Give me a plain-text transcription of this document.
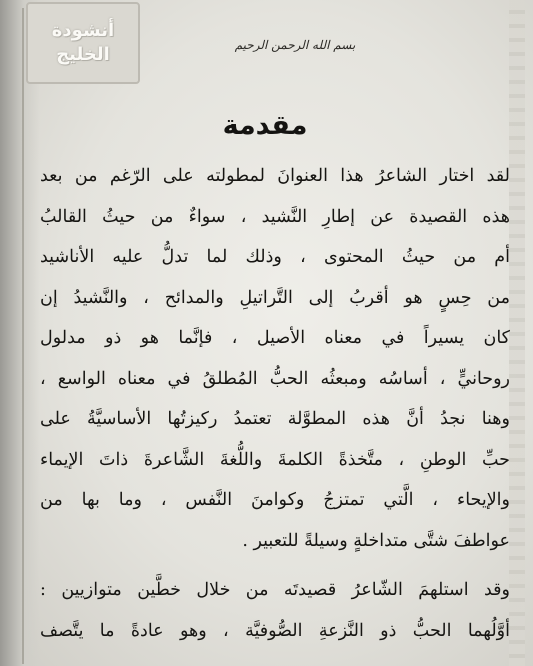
أنشودة
الخليج	بسم الله الرحمن الرحيم
مقدمة

لقد اختار الشاعرُ هذا العنوانَ لمطولته على الرّغم من بعد
هذه القصيدة عن إطارِ النَّشيد ، سواءٌ من حيثُ القالبُ
أم من حيثُ المحتوى ، وذلك لما تدلُّ عليه الأناشيد
من حِسٍ هو أقربُ إلى التَّراتيلِ والمدائح ، والنَّشيدُ إن
كان يسيراً في معناه الأصيل ، فإنَّما هو ذو مدلول
روحانيٍّ ، أساسُه ومبعثُه الحبُّ المُطلقُ في معناه الواسع ،
وهنا نجدُ أنَّ هذه المطوَّلة تعتمدُ ركيزتُها الأساسيَّةُ على
حبِّ الوطنِ ، متَّخذةً الكلمةَ واللُّغةَ الشَّاعرةَ ذاتَ الإيماء
والإيحاء ، الَّتي تمتزجُ وكوامنَ النَّفس ، وما بها من
عواطفَ شتَّى متداخلةٍ وسيلةً للتعبير .

وقد استلهمَ الشّاعرُ قصيدتَه من خلال خطَّين متوازيين :
أوَّلُهما الحبُّ ذو النَّزعةِ الصُّوفيَّة ، وهو عادةً ما يتَّصف
